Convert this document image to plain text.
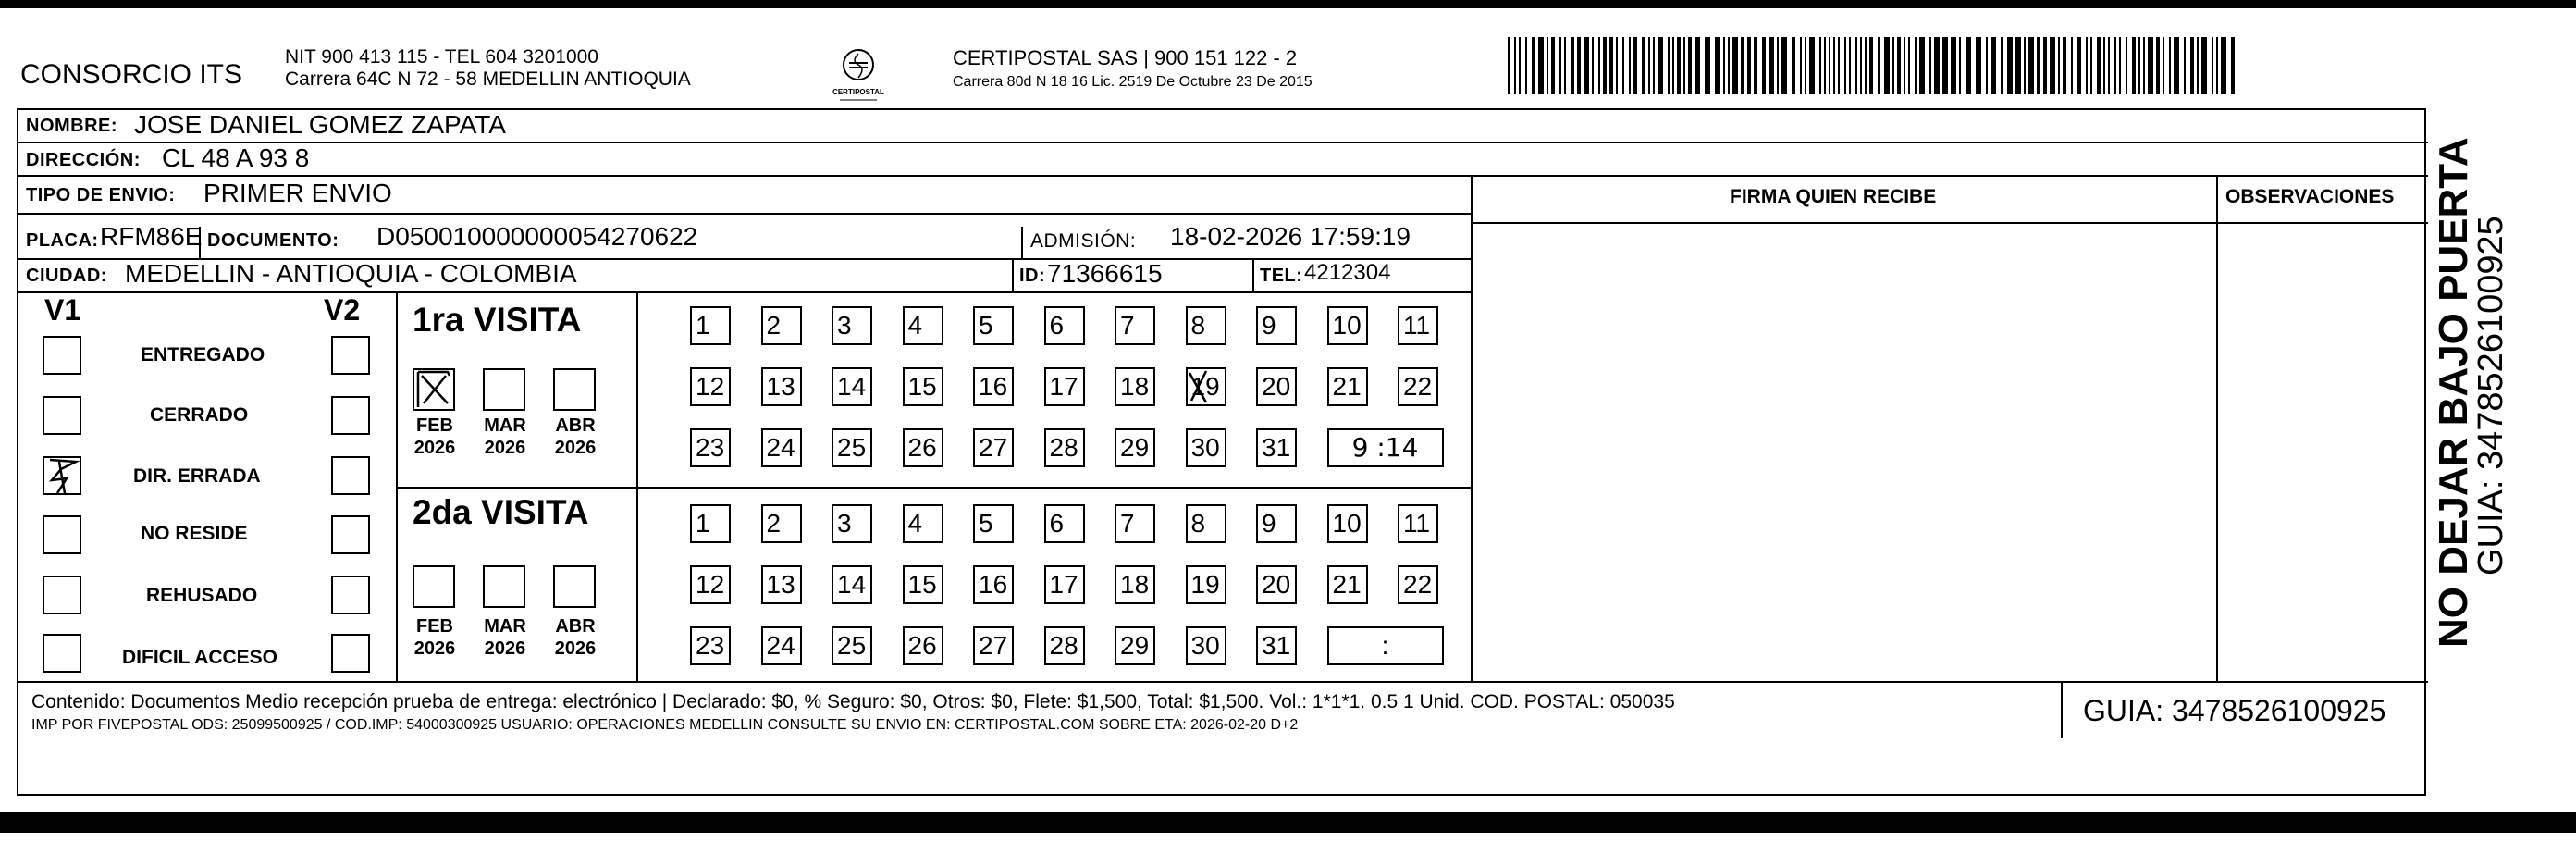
CONSORCIO ITS
NIT 900 413 115 - TEL 604 3201000
Carrera 64C N 72 - 58 MEDELLIN ANTIOQUIA
CERTIPOSTAL
CERTIPOSTAL SAS | 900 151 122 - 2
Carrera 80d N 18 16 Lic. 2519 De Octubre 23 De 2015
NOMBRE: JOSE DANIEL GOMEZ ZAPATA
DIRECCIÓN: CL 48 A 93 8
TIPO DE ENVIO: PRIMER ENVIO	FIRMA QUIEN RECIBE	OBSERVACIONES
PLACA: RFM86E DOCUMENTO: D050010000000054270622	ADMISIÓN: 18-02-2026 17:59:19
CIUDAD: MEDELLIN - ANTIOQUIA - COLOMBIA	ID: 71366615	TEL: 4212304
V1	V2
ENTREGADO
CERRADO
DIR. ERRADA
NO RESIDE
REHUSADO
DIFICIL ACCESO
1ra VISITA
FEB
2026
MAR
2026
ABR
2026
1	2	3	4	5	6	7	8	9	10 11
12 13 14 15 16 17 18 19 20 21 22
23 24 25 26 27 28 29 30 31	9 :14
2da VISITA
FEB
2026
MAR
2026
ABR
2026
1	2	3	4	5	6	7	8	9	10 11
12 13 14 15 16 17 18 19 20 21 22
23 24 25 26 27 28 29 30 31	:
Contenido: Documentos Medio recepción prueba de entrega: electrónico | Declarado: $0, % Seguro: $0, Otros: $0, Flete: $1,500, Total: $1,500. Vol.: 1*1*1. 0.5 1 Unid. COD. POSTAL: 050035
IMP POR FIVEPOSTAL ODS: 25099500925 / COD.IMP: 54000300925 USUARIO: OPERACIONES MEDELLIN CONSULTE SU ENVIO EN: CERTIPOSTAL.COM SOBRE ETA: 2026-02-20 D+2	GUIA: 3478526100925
NO DEJAR BAJO PUERTA
GUIA: 3478526100925
